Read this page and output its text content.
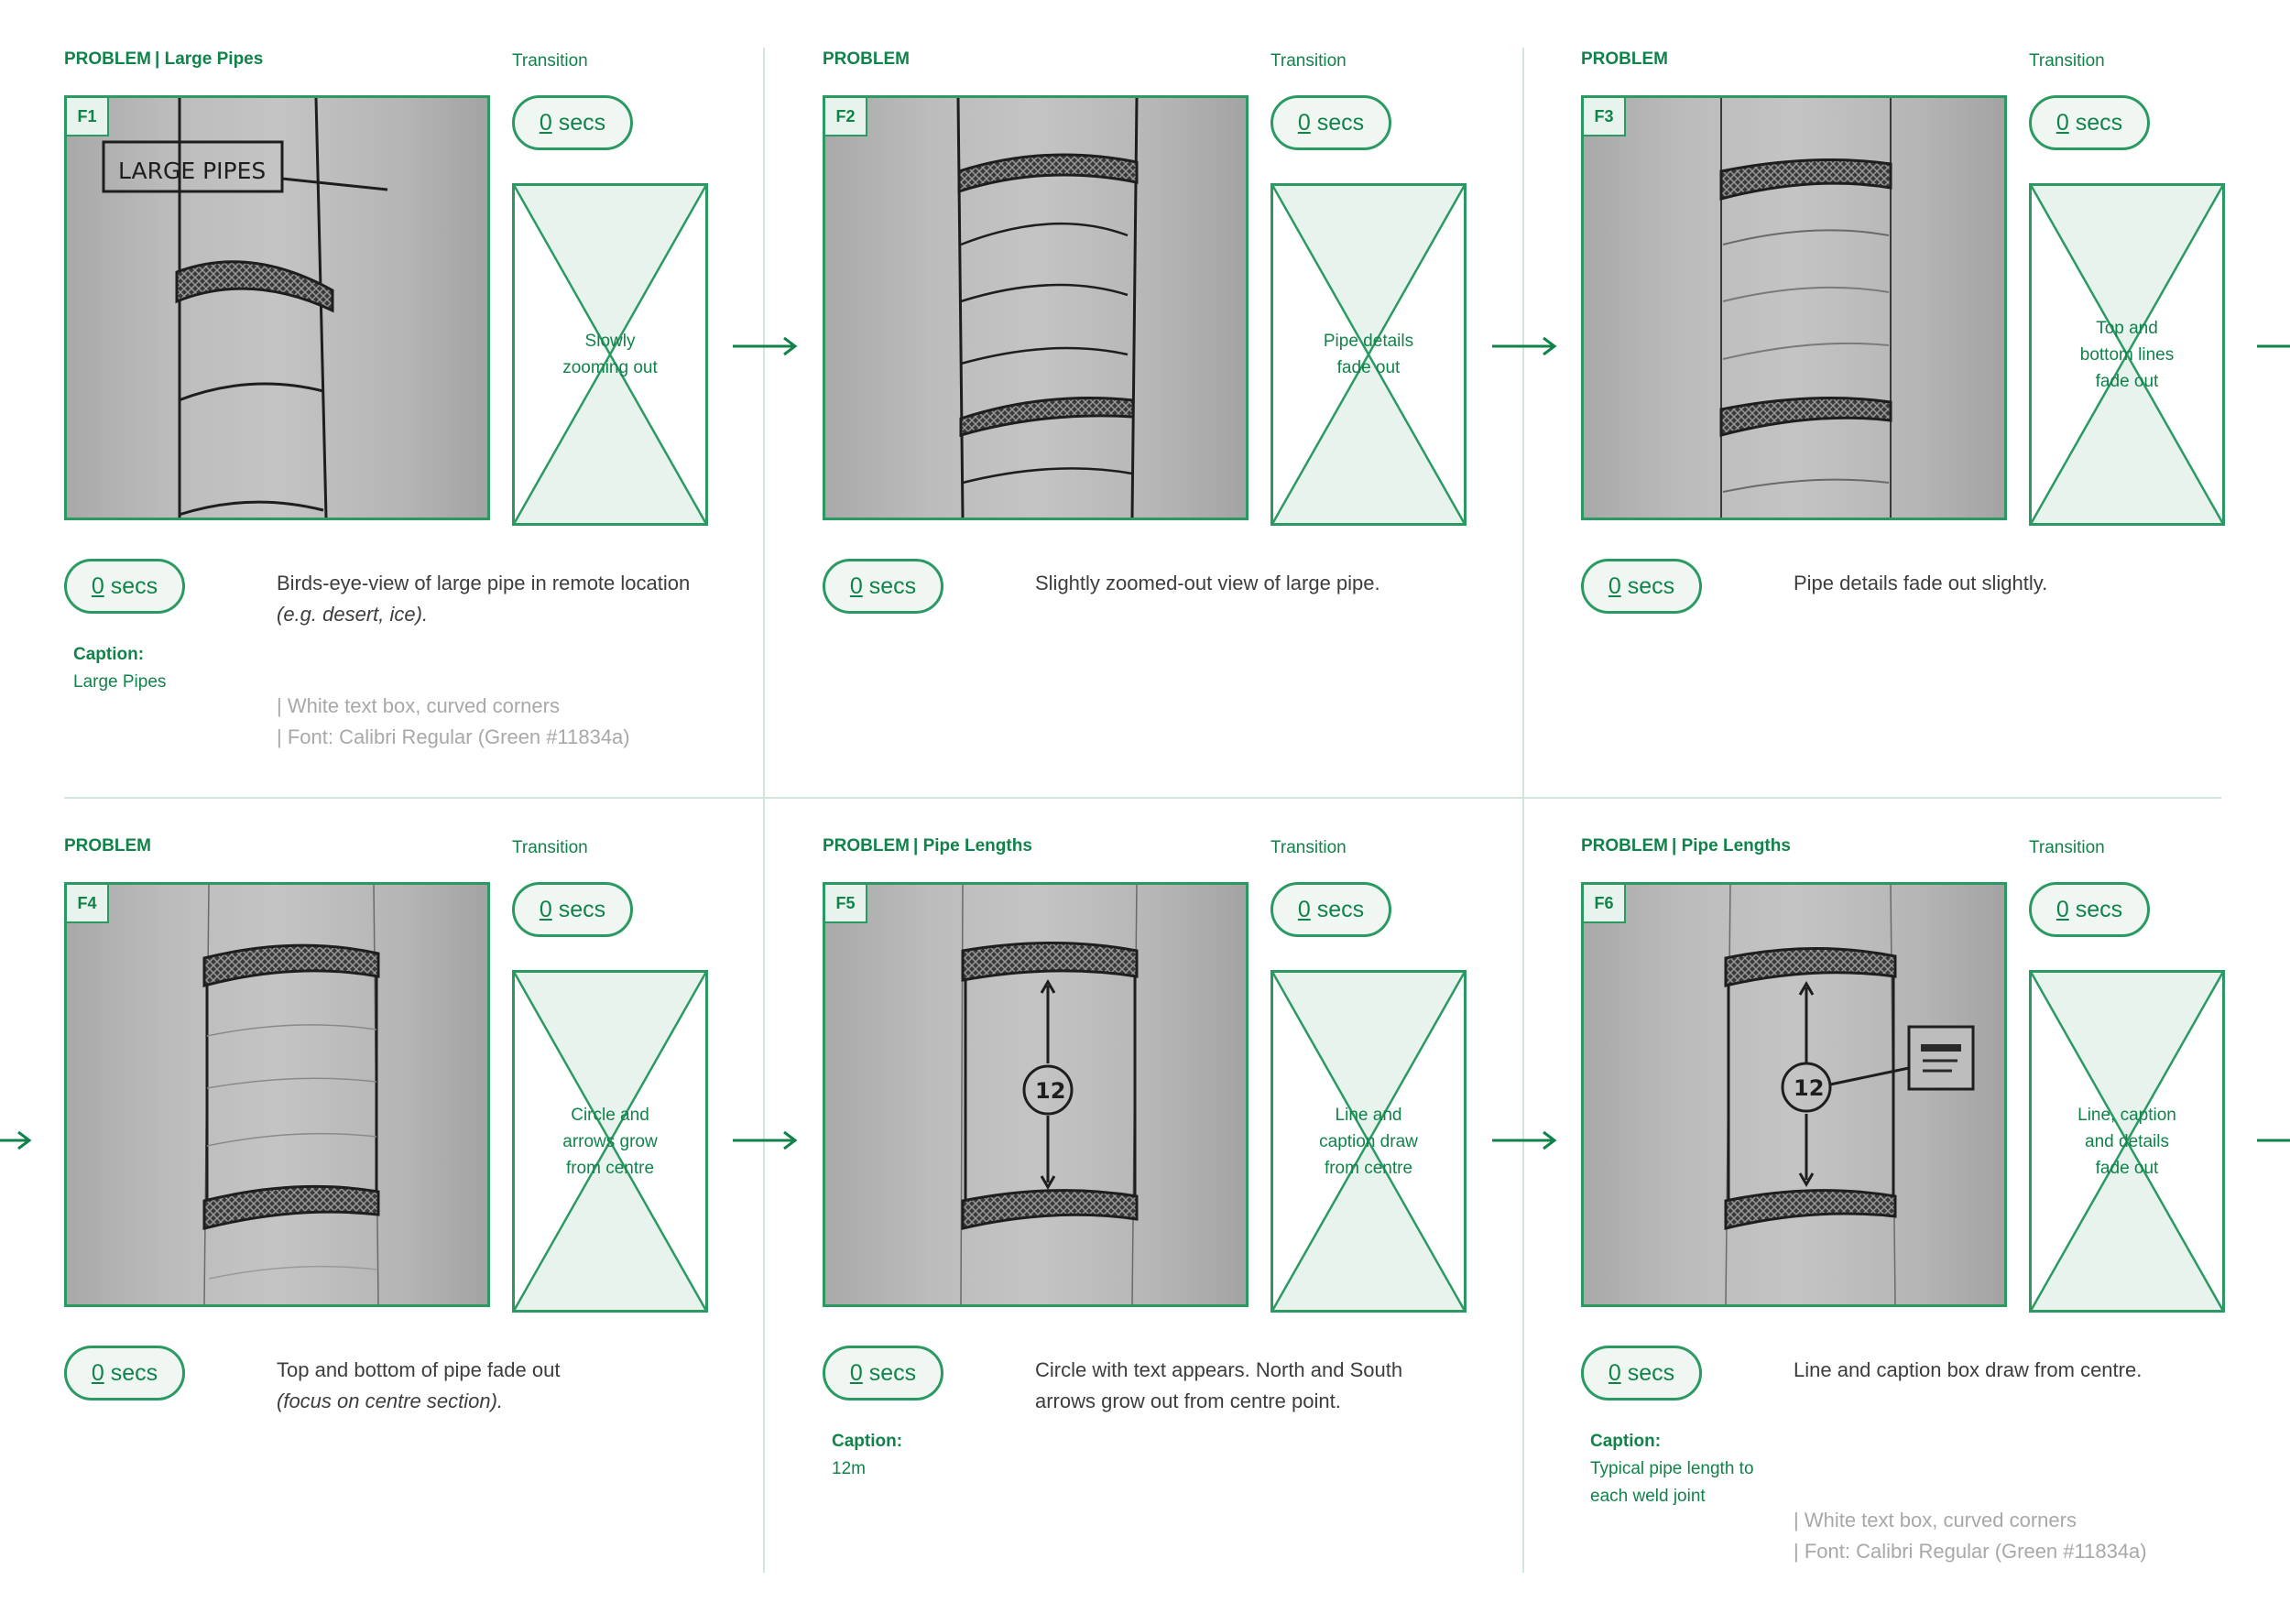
PROBLEM | Large Pipes	Transition
LARGE PIPES
F1	0 secs
Slowly zooming out
0 secs	Birds-eye-view of large pipe in remote location (e.g. desert, ice).
Caption:
Large Pipes
| White text box, curved corners
| Font: Calibri Regular (Green #11834a)
PROBLEM	Transition
F2	0 secs
Pipe details fade out
0 secs	Slightly zoomed-out view of large pipe.
PROBLEM	Transition
F3	0 secs
Top and bottom lines fade out
0 secs	Pipe details fade out slightly.
PROBLEM	Transition
F4	0 secs
Circle and arrows grow from centre
0 secs	Top and bottom of pipe fade out
(focus on centre section).
PROBLEM | Pipe Lengths	Transition
12
F5	0 secs
Line and caption draw from centre
0 secs	Circle with text appears. North and South arrows grow out from centre point.
Caption:
12m
PROBLEM | Pipe Lengths	Transition
12
F6	0 secs
Line, caption and details fade out
0 secs	Line and caption box draw from centre.
Caption:
Typical pipe length to each weld joint
| White text box, curved corners
| Font: Calibri Regular (Green #11834a)
